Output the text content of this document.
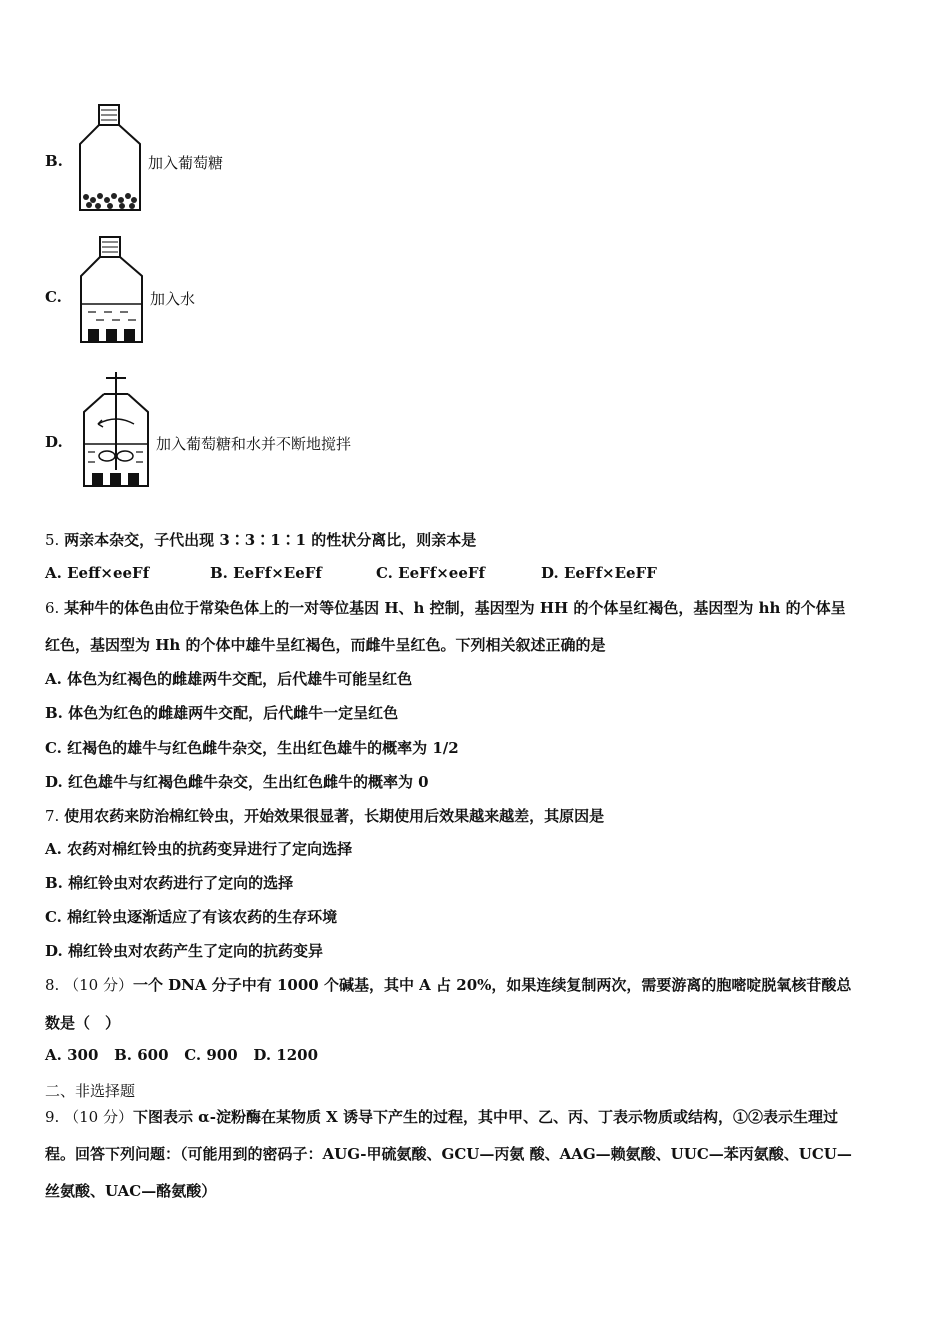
B.	加入葡萄糖
C.	加入水
D.	加入葡萄糖和水并不断地搅拌
5. 两亲本杂交，子代出现 3∶3∶1∶1 的性状分离比，则亲本是
A. Eeff×eeFf	B. EeFf×EeFf	C. EeFf×eeFf	D. EeFf×EeFF
6. 某种牛的体色由位于常染色体上的一对等位基因 H、h 控制，基因型为 HH 的个体呈红褐色，基因型为 hh 的个体呈
红色，基因型为 Hh 的个体中雄牛呈红褐色，而雌牛呈红色。下列相关叙述正确的是
A. 体色为红褐色的雌雄两牛交配，后代雄牛可能呈红色
B. 体色为红色的雌雄两牛交配，后代雌牛一定呈红色
C. 红褐色的雄牛与红色雌牛杂交，生出红色雄牛的概率为 1/2
D. 红色雄牛与红褐色雌牛杂交，生出红色雌牛的概率为 0
7. 使用农药来防治棉红铃虫，开始效果很显著，长期使用后效果越来越差，其原因是
A. 农药对棉红铃虫的抗药变异进行了定向选择
B. 棉红铃虫对农药进行了定向的选择
C. 棉红铃虫逐渐适应了有该农药的生存环境
D. 棉红铃虫对农药产生了定向的抗药变异
8. （10 分）一个 DNA 分子中有 1000 个碱基，其中 A 占 20%，如果连续复制两次，需要游离的胞嘧啶脱氧核苷酸总
数是（　）
A. 300 B. 600 C. 900 D. 1200
二、非选择题
9. （10 分）下图表示 α-淀粉酶在某物质 X 诱导下产生的过程，其中甲、乙、丙、丁表示物质或结构，①②表示生理过
程。回答下列问题：（可能用到的密码子：AUG-甲硫氨酸、GCU—丙氨 酸、AAG—赖氨酸、UUC—苯丙氨酸、UCU—
丝氨酸、UAC—酪氨酸）
